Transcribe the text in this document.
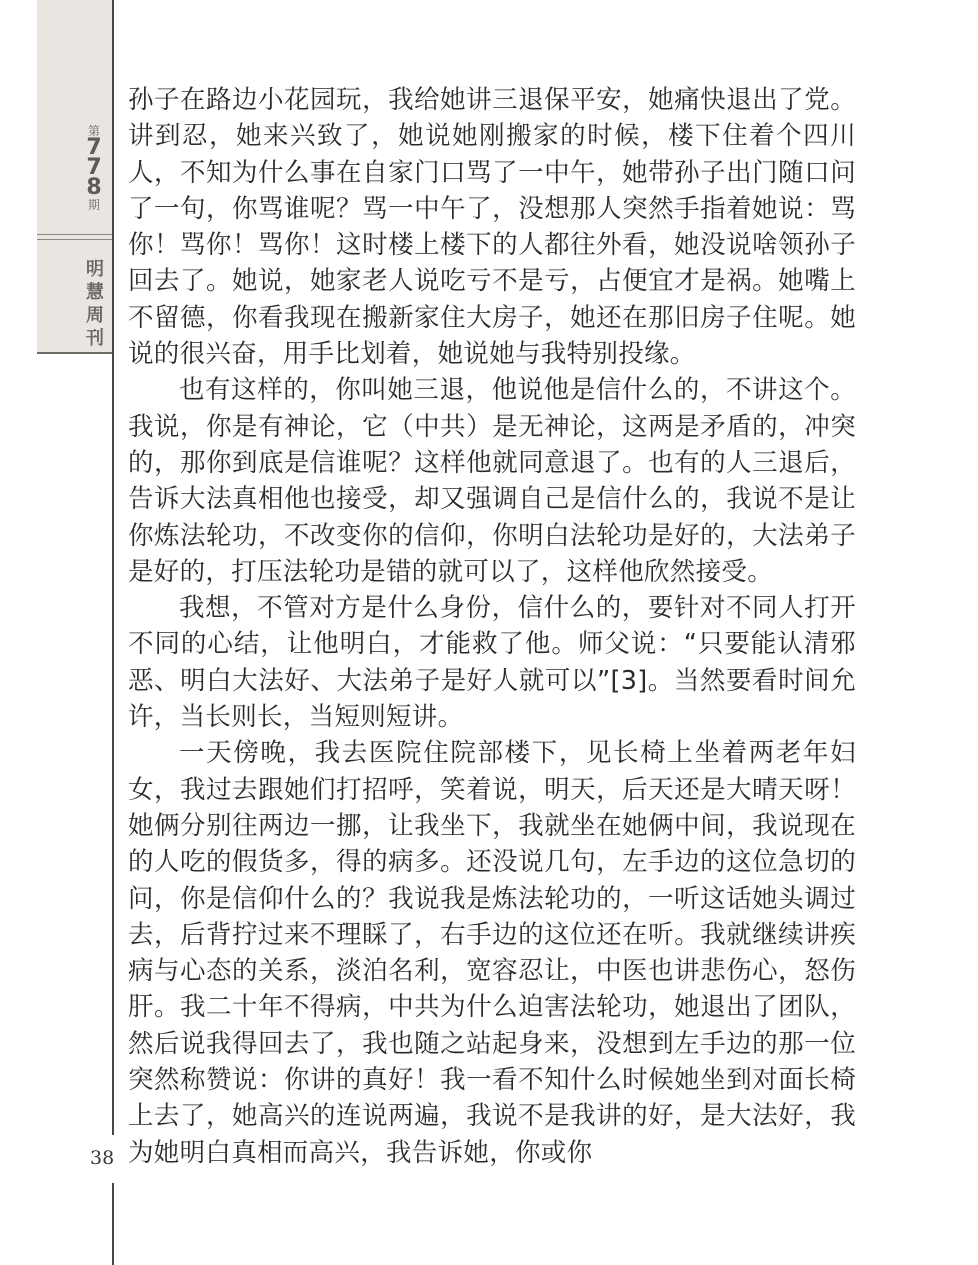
第
7
7
8
期
明
慧
周
刊
38

孙子在路边小花园玩，我给她讲三退保平安，她痛快退出了党。讲到忍，她来兴致了，她说她刚搬家的时候，楼下住着个四川人，不知为什么事在自家门口骂了一中午，她带孙子出门随口问了一句，你骂谁呢？骂一中午了，没想那人突然手指着她说：骂你！骂你！骂你！这时楼上楼下的人都往外看，她没说啥领孙子回去了。她说，她家老人说吃亏不是亏，占便宜才是祸。她嘴上不留德，你看我现在搬新家住大房子，她还在那旧房子住呢。她说的很兴奋，用手比划着，她说她与我特别投缘。

也有这样的，你叫她三退，他说他是信什么的，不讲这个。我说，你是有神论，它（中共）是无神论，这两是矛盾的，冲突的，那你到底是信谁呢？这样他就同意退了。也有的人三退后，告诉大法真相他也接受，却又强调自己是信什么的，我说不是让你炼法轮功，不改变你的信仰，你明白法轮功是好的，大法弟子是好的，打压法轮功是错的就可以了，这样他欣然接受。

我想，不管对方是什么身份，信什么的，要针对不同人打开不同的心结，让他明白，才能救了他。师父说：“只要能认清邪恶、明白大法好、大法弟子是好人就可以”[3]。当然要看时间允许，当长则长，当短则短讲。

一天傍晚，我去医院住院部楼下，见长椅上坐着两老年妇女，我过去跟她们打招呼，笑着说，明天，后天还是大晴天呀！她俩分别往两边一挪，让我坐下，我就坐在她俩中间，我说现在的人吃的假货多，得的病多。还没说几句，左手边的这位急切的问，你是信仰什么的？我说我是炼法轮功的，一听这话她头调过去，后背拧过来不理睬了，右手边的这位还在听。我就继续讲疾病与心态的关系，淡泊名利，宽容忍让，中医也讲悲伤心，怒伤肝。我二十年不得病，中共为什么迫害法轮功，她退出了团队，然后说我得回去了，我也随之站起身来，没想到左手边的那一位突然称赞说：你讲的真好！我一看不知什么时候她坐到对面长椅上去了，她高兴的连说两遍，我说不是我讲的好，是大法好，我为她明白真相而高兴，我告诉她，你或你
